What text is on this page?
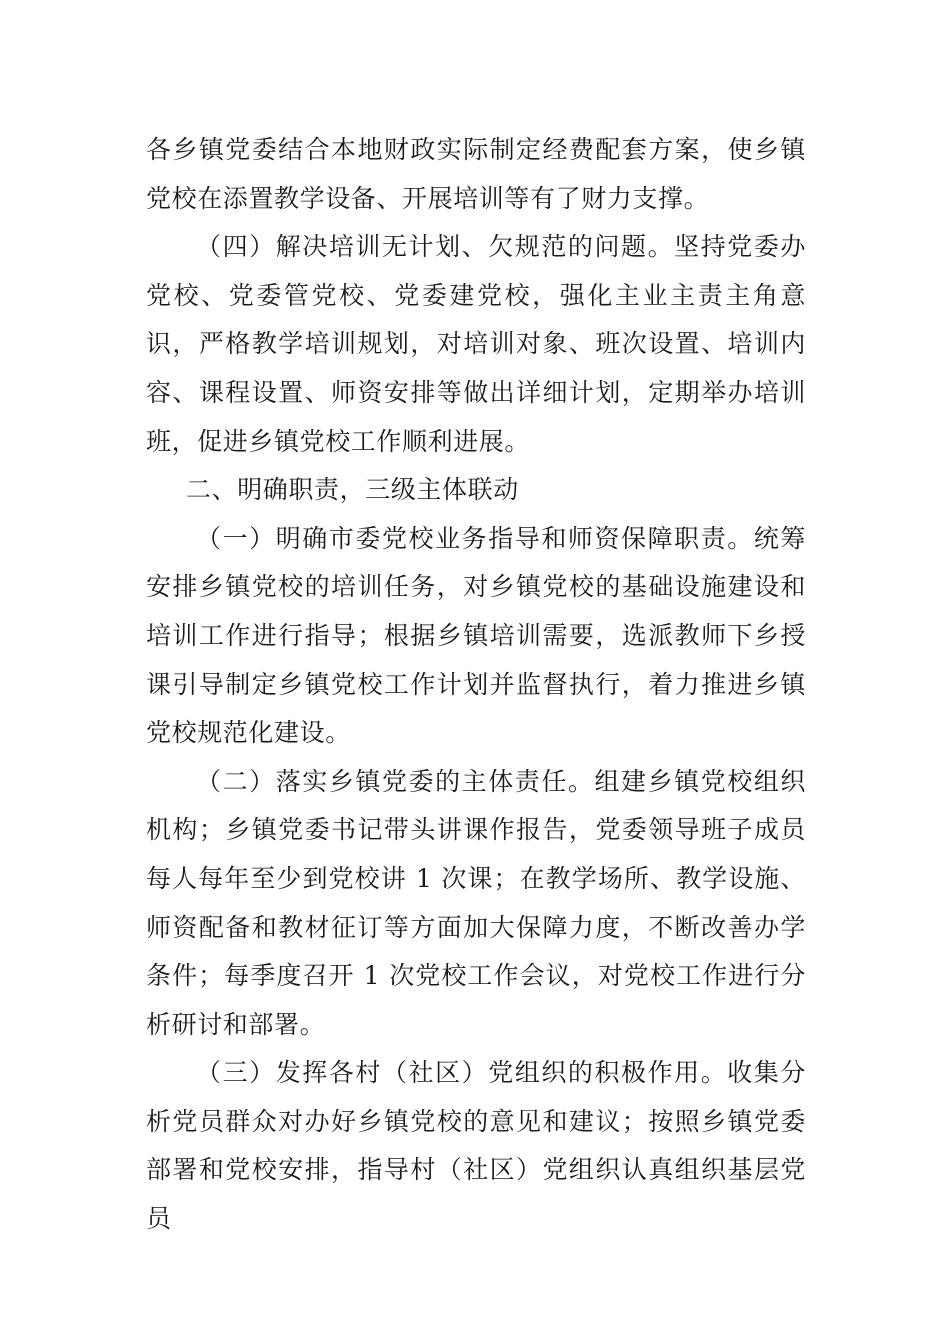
各乡镇党委结合本地财政实际制定经费配套方案，使乡镇党校在添置教学设备、开展培训等有了财力支撑。

（四）解决培训无计划、欠规范的问题。坚持党委办党校、党委管党校、党委建党校，强化主业主责主角意识，严格教学培训规划，对培训对象、班次设置、培训内容、课程设置、师资安排等做出详细计划，定期举办培训班，促进乡镇党校工作顺利进展。

二、明确职责，三级主体联动

（一）明确市委党校业务指导和师资保障职责。统筹安排乡镇党校的培训任务，对乡镇党校的基础设施建设和培训工作进行指导；根据乡镇培训需要，选派教师下乡授课引导制定乡镇党校工作计划并监督执行，着力推进乡镇党校规范化建设。

（二）落实乡镇党委的主体责任。组建乡镇党校组织机构；乡镇党委书记带头讲课作报告，党委领导班子成员每人每年至少到党校讲 1 次课；在教学场所、教学设施、师资配备和教材征订等方面加大保障力度，不断改善办学条件；每季度召开 1 次党校工作会议，对党校工作进行分析研讨和部署。

（三）发挥各村（社区）党组织的积极作用。收集分析党员群众对办好乡镇党校的意见和建议；按照乡镇党委部署和党校安排，指导村（社区）党组织认真组织基层党员
